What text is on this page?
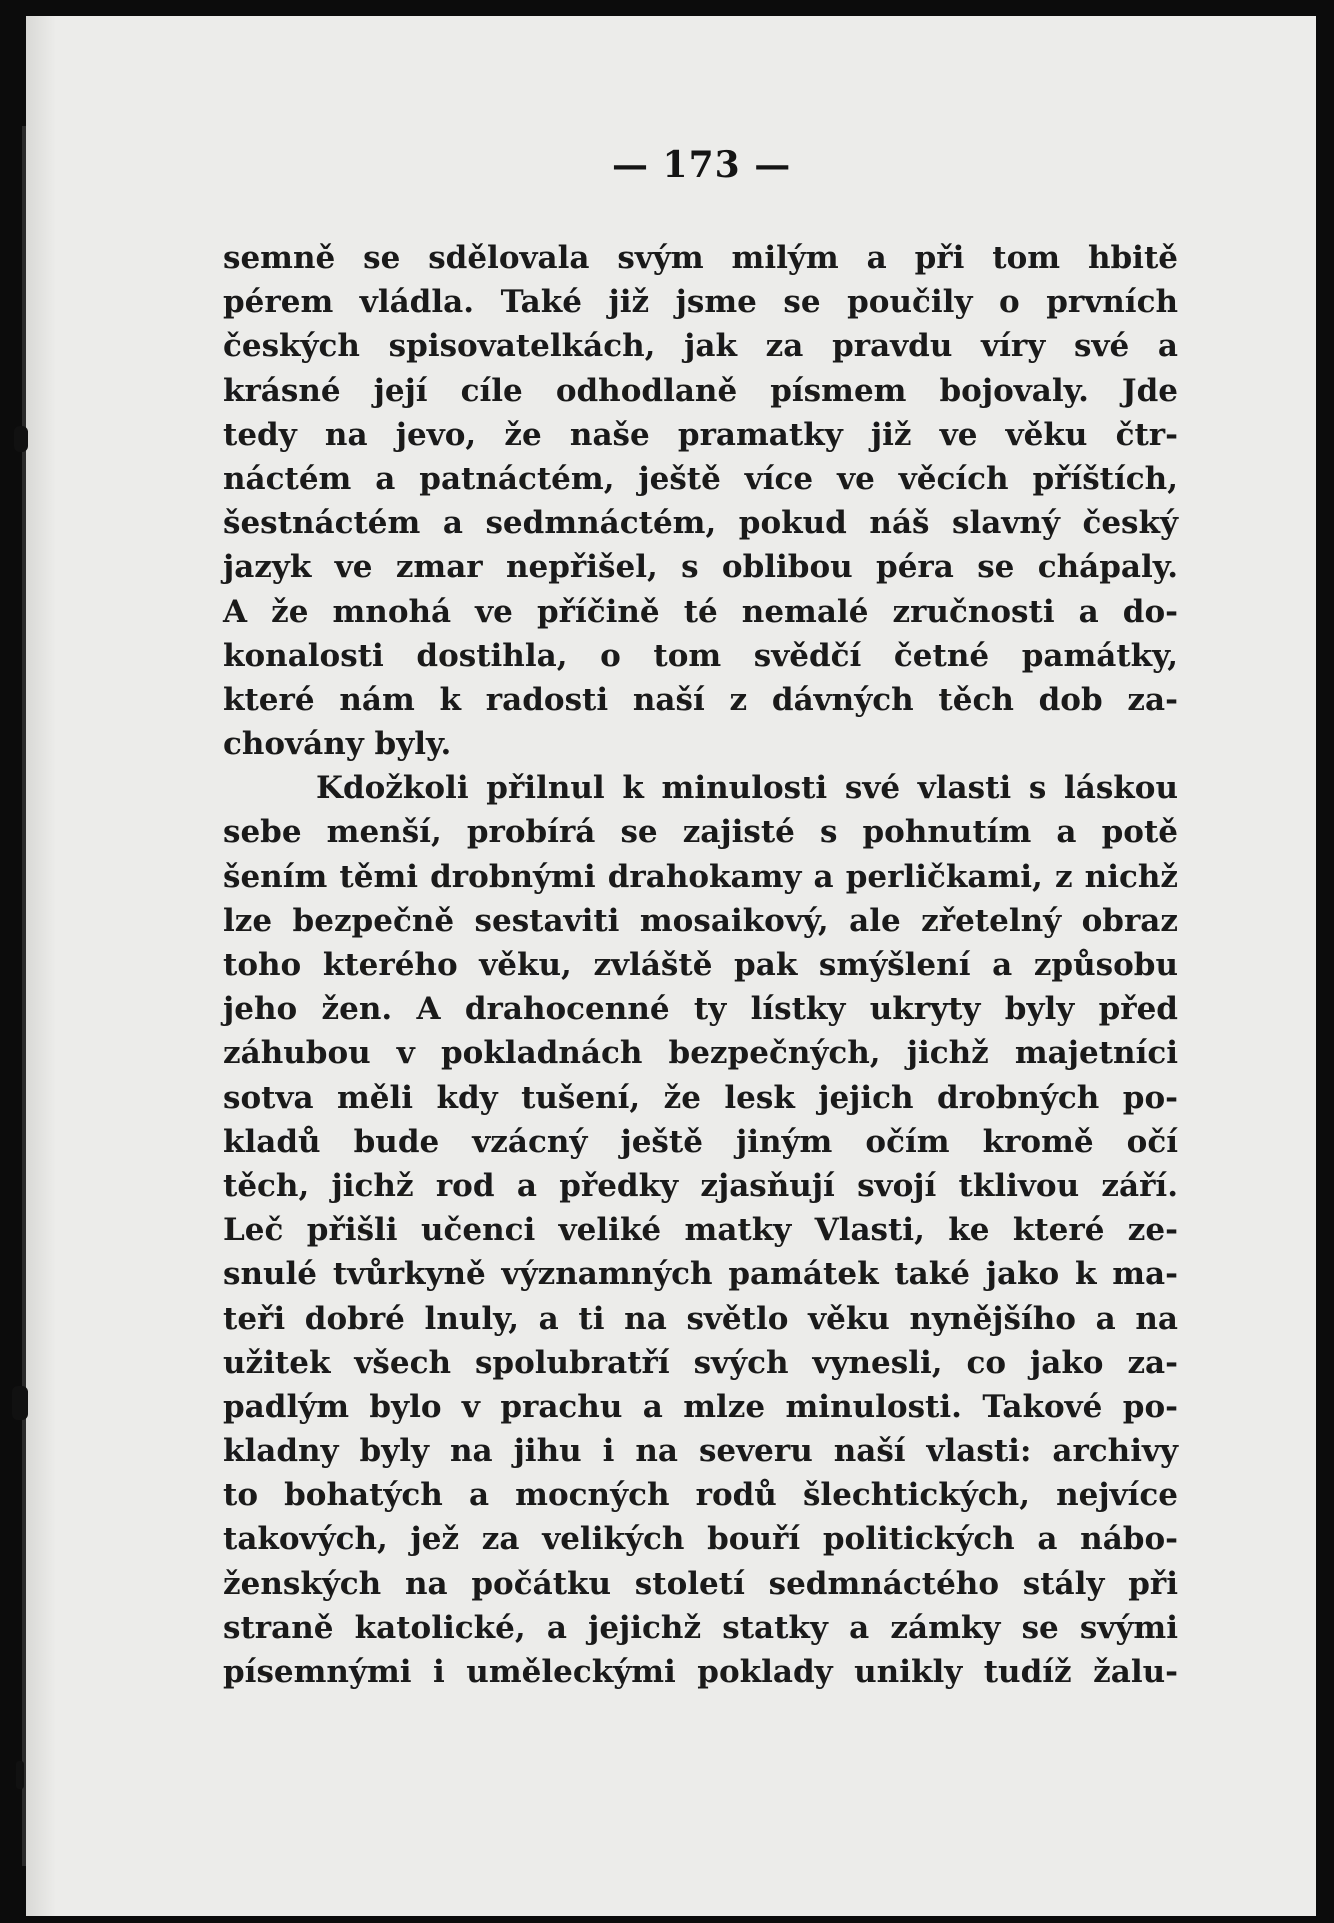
— 173 —
semně se sdělovala svým milým a při tom hbitě
pérem vládla. Také již jsme se poučily o prvních
českých spisovatelkách, jak za pravdu víry své a
krásné její cíle odhodlaně písmem bojovaly. Jde
tedy na jevo, že naše pramatky již ve věku čtr-
náctém a patnáctém, ještě více ve věcích příštích,
šestnáctém a sedmnáctém, pokud náš slavný český
jazyk ve zmar nepřišel, s oblibou péra se chápaly.
A že mnohá ve příčině té nemalé zručnosti a do-
konalosti dostihla, o tom svědčí četné památky,
které nám k radosti naší z dávných těch dob za-
chovány byly.
Kdožkoli přilnul k minulosti své vlasti s láskou
sebe menší, probírá se zajisté s pohnutím a potě
šením těmi drobnými drahokamy a perličkami, z nichž
lze bezpečně sestaviti mosaikový, ale zřetelný obraz
toho kterého věku, zvláště pak smýšlení a způsobu
jeho žen. A drahocenné ty lístky ukryty byly před
záhubou v pokladnách bezpečných, jichž majetníci
sotva měli kdy tušení, že lesk jejich drobných po-
kladů bude vzácný ještě jiným očím kromě očí
těch, jichž rod a předky zjasňují svojí tklivou září.
Leč přišli učenci veliké matky Vlasti, ke které ze-
snulé tvůrkyně významných památek také jako k ma-
teři dobré lnuly, a ti na světlo věku nynějšího a na
užitek všech spolubratří svých vynesli, co jako za-
padlým bylo v prachu a mlze minulosti. Takové po-
kladny byly na jihu i na severu naší vlasti: archivy
to bohatých a mocných rodů šlechtických, nejvíce
takových, jež za velikých bouří politických a nábo-
ženských na počátku století sedmnáctého stály při
straně katolické, a jejichž statky a zámky se svými
písemnými i uměleckými poklady unikly tudíž žalu-
